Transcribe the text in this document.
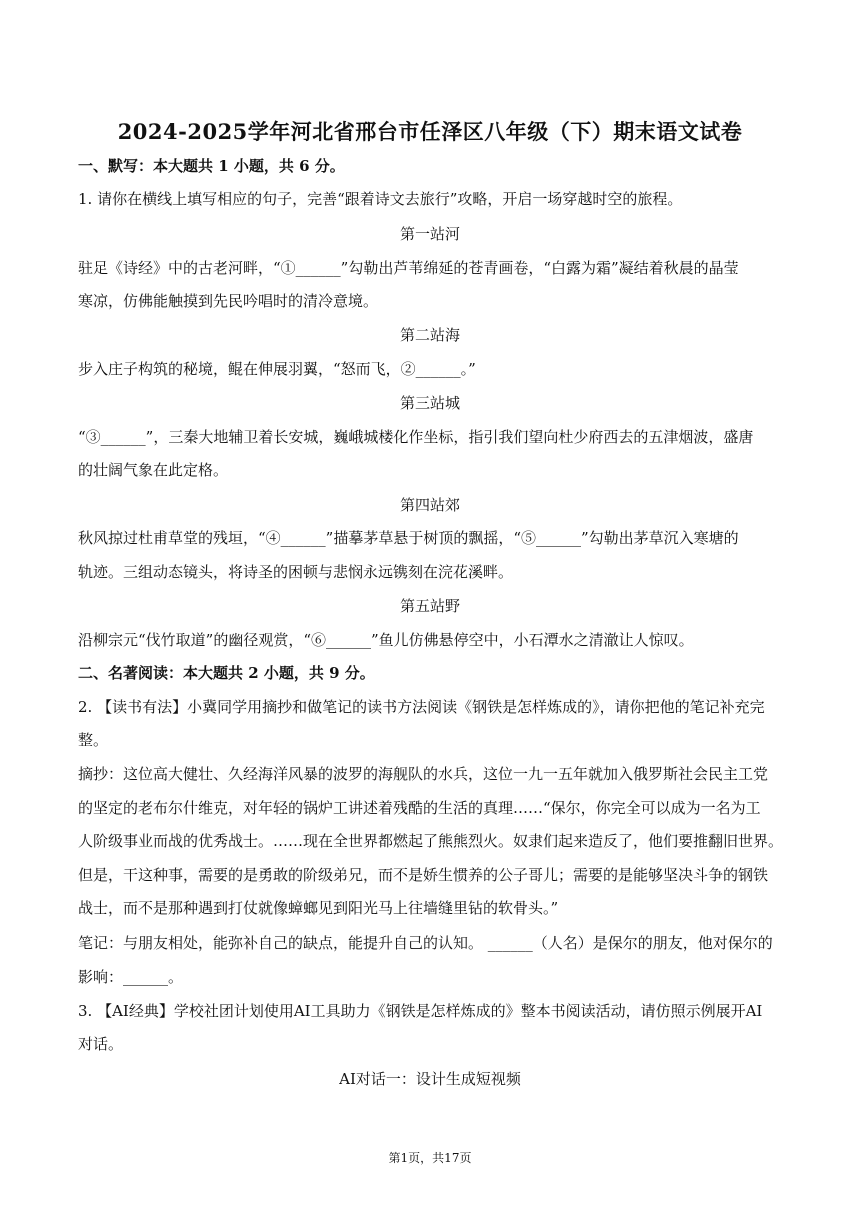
2024-2025学年河北省邢台市任泽区八年级（下）期末语文试卷
一、默写：本大题共 1 小题，共 6 分。
1. 请你在横线上填写相应的句子，完善“跟着诗文去旅行”攻略，开启一场穿越时空的旅程。
第一站河
驻足《诗经》中的古老河畔，“①______”勾勒出芦苇绵延的苍青画卷，“白露为霜”凝结着秋晨的晶莹
寒凉，仿佛能触摸到先民吟唱时的清冷意境。
第二站海
步入庄子构筑的秘境，鲲在伸展羽翼，“怒而飞，②______。”
第三站城
“③______”，三秦大地辅卫着长安城，巍峨城楼化作坐标，指引我们望向杜少府西去的五津烟波，盛唐
的壮阔气象在此定格。
第四站郊
秋风掠过杜甫草堂的残垣，“④______”描摹茅草悬于树顶的飘摇，“⑤______”勾勒出茅草沉入寒塘的
轨迹。三组动态镜头，将诗圣的困顿与悲悯永远镌刻在浣花溪畔。
第五站野
沿柳宗元“伐竹取道”的幽径观赏，“⑥______”鱼儿仿佛悬停空中，小石潭水之清澈让人惊叹。
二、名著阅读：本大题共 2 小题，共 9 分。
2. 【读书有法】小冀同学用摘抄和做笔记的读书方法阅读《钢铁是怎样炼成的》，请你把他的笔记补充完
整。
摘抄：这位高大健壮、久经海洋风暴的波罗的海舰队的水兵，这位一九一五年就加入俄罗斯社会民主工党
的坚定的老布尔什维克，对年轻的锅炉工讲述着残酷的生活的真理……“保尔，你完全可以成为一名为工
人阶级事业而战的优秀战士。……现在全世界都燃起了熊熊烈火。奴隶们起来造反了，他们要推翻旧世界。
但是，干这种事，需要的是勇敢的阶级弟兄，而不是娇生惯养的公子哥儿；需要的是能够坚决斗争的钢铁
战士，而不是那种遇到打仗就像蟑螂见到阳光马上往墙缝里钻的软骨头。”
笔记：与朋友相处，能弥补自己的缺点，能提升自己的认知。 ______（人名）是保尔的朋友，他对保尔的
影响：______。
3. 【AI经典】学校社团计划使用AI工具助力《钢铁是怎样炼成的》整本书阅读活动，请仿照示例展开AI
对话。
AI对话一：设计生成短视频
第1页，共17页
